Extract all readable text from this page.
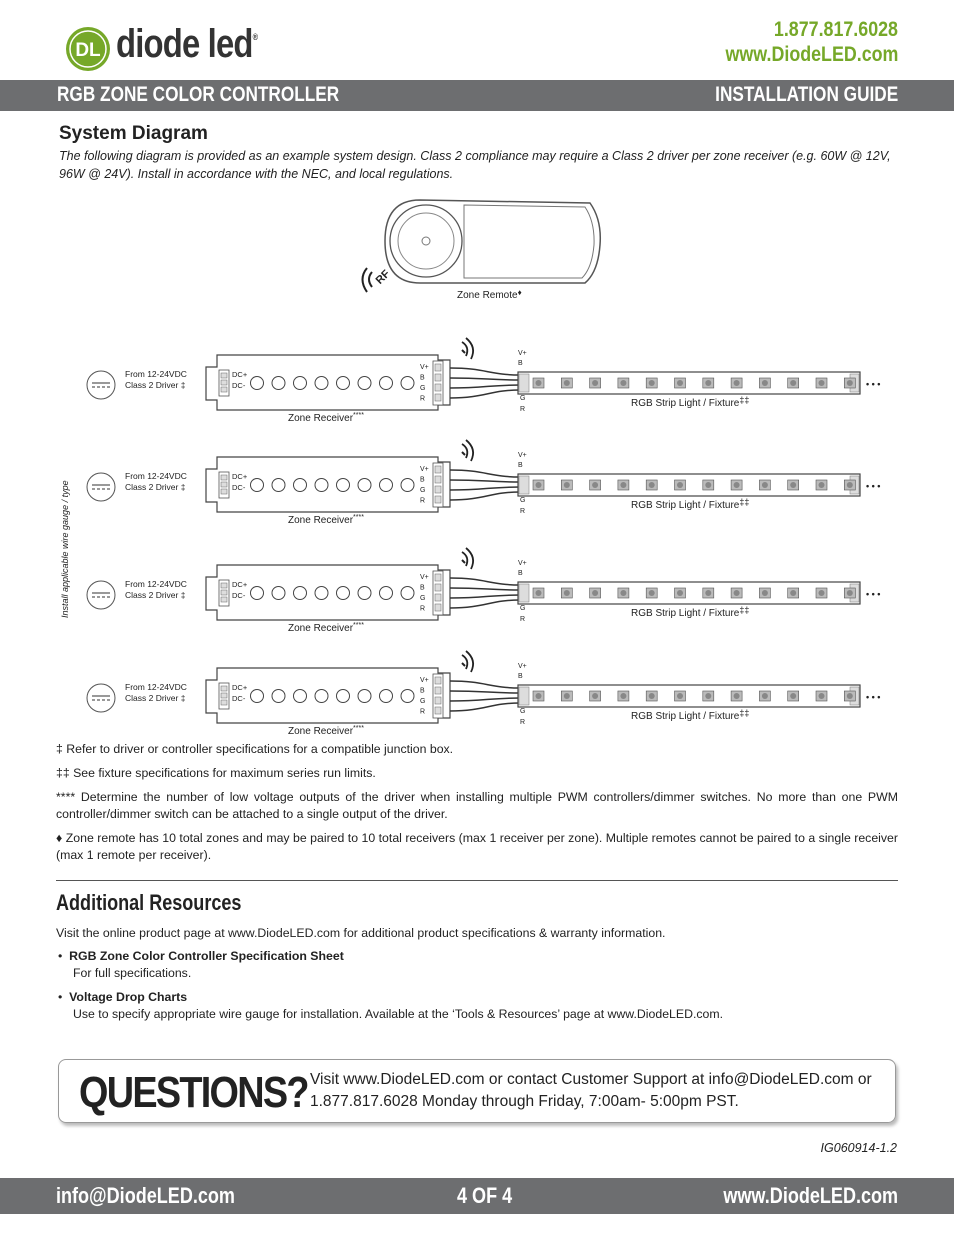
DL diode led®	1.877.817.6028
www.DiodeLED.com
RGB ZONE COLOR CONTROLLER	INSTALLATION GUIDE
System Diagram
The following diagram is provided as an example system design. Class 2 compliance may require a Class 2 driver per zone receiver (e.g. 60W @ 12V, 96W @ 24V). Install in accordance with the NEC, and local regulations.
RF
Zone Remote♦
Install applicable wire gauge / type
From 12-24VDC
Class 2 Driver ‡
DC+
DC-
V+
B
G
R
Zone Receiver****
V+
B
G
R
• • •
RGB Strip Light / Fixture‡‡
From 12-24VDC
Class 2 Driver ‡
DC+
DC-
V+
B
G
R
Zone Receiver****
V+
B
G
R
• • •
RGB Strip Light / Fixture‡‡
From 12-24VDC
Class 2 Driver ‡
DC+
DC-
V+
B
G
R
Zone Receiver****
V+
B
G
R
• • •
RGB Strip Light / Fixture‡‡
From 12-24VDC
Class 2 Driver ‡
DC+
DC-
V+
B
G
R
Zone Receiver****
V+
B
G
R
• • •
RGB Strip Light / Fixture‡‡
‡ Refer to driver or controller specifications for a compatible junction box.
‡‡ See fixture specifications for maximum series run limits.
**** Determine the number of low voltage outputs of the driver when installing multiple PWM controllers/dimmer switches. No more than one PWM controller/dimmer switch can be attached to a single output of the driver.
♦ Zone remote has 10 total zones and may be paired to 10 total receivers (max 1 receiver per zone). Multiple remotes cannot be paired to a single receiver (max 1 remote per receiver).
Additional Resources
Visit the online product page at www.DiodeLED.com for additional product specifications & warranty information.
•  RGB Zone Color Controller Specification Sheet
For full specifications.
•  Voltage Drop Charts
Use to specify appropriate wire gauge for installation. Available at the ‘Tools & Resources’ page at www.DiodeLED.com.
QUESTIONS? Visit www.DiodeLED.com or contact Customer Support at info@DiodeLED.com or 1.877.817.6028 Monday through Friday, 7:00am- 5:00pm PST.
IG060914-1.2
info@DiodeLED.com	4 OF 4	www.DiodeLED.com
